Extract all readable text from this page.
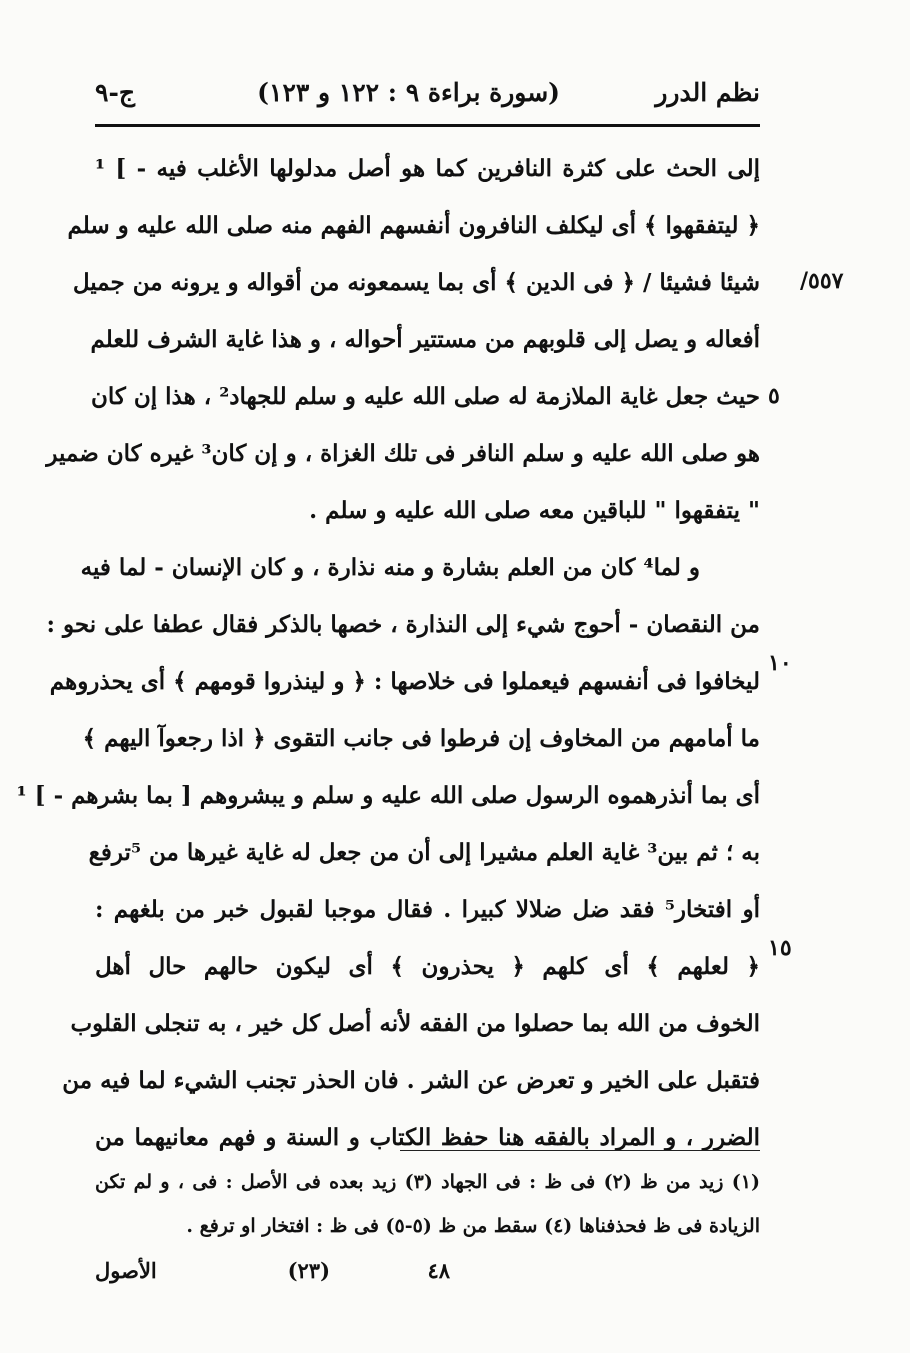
نظم الدرر
(سورة براءة ٩ : ١٢٢ و ١٢٣)
ج-٩
٥٥٧/
٥
١٠
١٥
إلى الحث على كثرة النافرين كما هو أصل مدلولها الأغلب فيه - ] ¹
﴿ ليتفقهوا ﴾ أى ليكلف النافرون أنفسهم الفهم منه صلى الله عليه و سلم
شيئا فشيئا / ﴿ فى الدين ﴾ أى بما يسمعونه من أقواله و يرونه من جميل
أفعاله و يصل إلى قلوبهم من مستتير أحواله ، و هذا غاية الشرف للعلم
حيث جعل غاية الملازمة له صلى الله عليه و سلم للجهاد² ، هذا إن كان
هو صلى الله عليه و سلم النافر فى تلك الغزاة ، و إن كان³ غيره كان ضمير
" يتفقهوا " للباقين معه صلى الله عليه و سلم .
و لما⁴ كان من العلم بشارة و منه نذارة ، و كان الإنسان - لما فيه
من النقصان - أحوج شيء إلى النذارة ، خصها بالذكر فقال عطفا على نحو :
ليخافوا فى أنفسهم فيعملوا فى خلاصها : ﴿ و لينذروا قومهم ﴾ أى يحذروهم
ما أمامهم من المخاوف إن فرطوا فى جانب التقوى ﴿ اذا رجعوآ اليهم ﴾
أى بما أنذرهموه الرسول صلى الله عليه و سلم و يبشروهم [ بما بشرهم - ] ¹
به ؛ ثم بين³ غاية العلم مشيرا إلى أن من جعل له غاية غيرها من ⁵ترفع
أو افتخار⁵ فقد ضل ضلالا كبيرا . فقال موجبا لقبول خبر من بلغهم :
﴿ لعلهم ﴾ أى كلهم ﴿ يحذرون ﴾ أى ليكون حالهم حال أهل
الخوف من الله بما حصلوا من الفقه لأنه أصل كل خير ، به تنجلى القلوب
فتقبل على الخير و تعرض عن الشر . فان الحذر تجنب الشيء لما فيه من
الضرر ، و المراد بالفقه هنا حفظ الكتاب و السنة و فهم معانيهما من
(١) زيد من ظ (٢) فى ظ : فى الجهاد (٣) زيد بعده فى الأصل : فى ، و لم تكن
الزيادة فى ظ فحذفناها (٤) سقط من ظ (٥-٥) فى ظ : افتخار او ترفع .
٤٨
(٢٣)
الأصول
